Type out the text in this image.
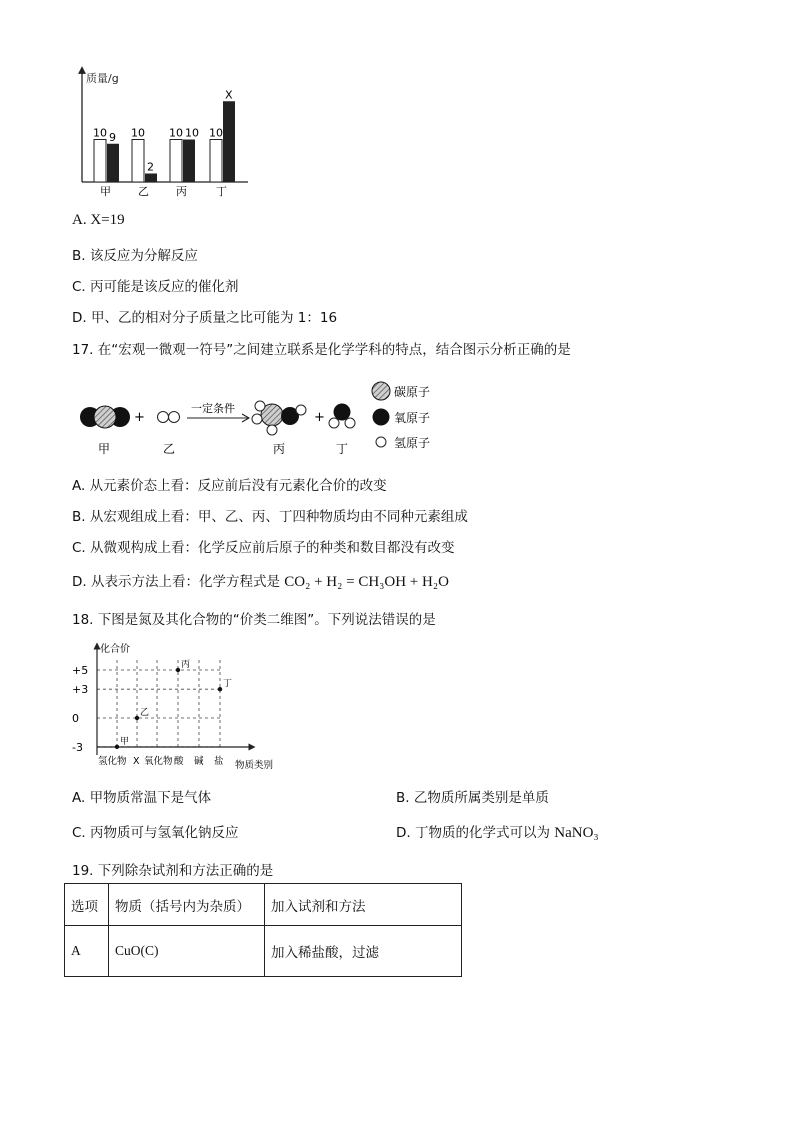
质量/g
10 9
甲
10
2
乙
10 10
丙
10
X
丁
A. X=19
B. 该反应为分解反应
C. 丙可能是该反应的催化剂
D. 甲、乙的相对分子质量之比可能为 1：16
17. 在“宏观一微观一符号”之间建立联系是化学学科的特点，结合图示分析正确的是
甲
+
乙
一定条件
丙
+
丁
碳原子
氧原子
氢原子
A. 从元素价态上看：反应前后没有元素化合价的改变
B. 从宏观组成上看：甲、乙、丙、丁四种物质均由不同种元素组成
C. 从微观构成上看：化学反应前后原子的种类和数目都没有改变
D. 从表示方法上看：化学方程式是 CO₂ + H₂ = CH₃OH + H₂O
18. 下图是氮及其化合物的“价类二维图”。下列说法错误的是
化合价
物质类别
+5
+3
0
-3
氢化物 X 氧化物 酸 碱 盐
甲
乙
丙
丁
A. 甲物质常温下是气体	B. 乙物质所属类别是单质
C. 丙物质可与氢氧化钠反应	D. 丁物质的化学式可以为 NaNO₃
19. 下列除杂试剂和方法正确的是
选项	物质（括号内为杂质）	加入试剂和方法
A	CuO(C)	加入稀盐酸，过滤
